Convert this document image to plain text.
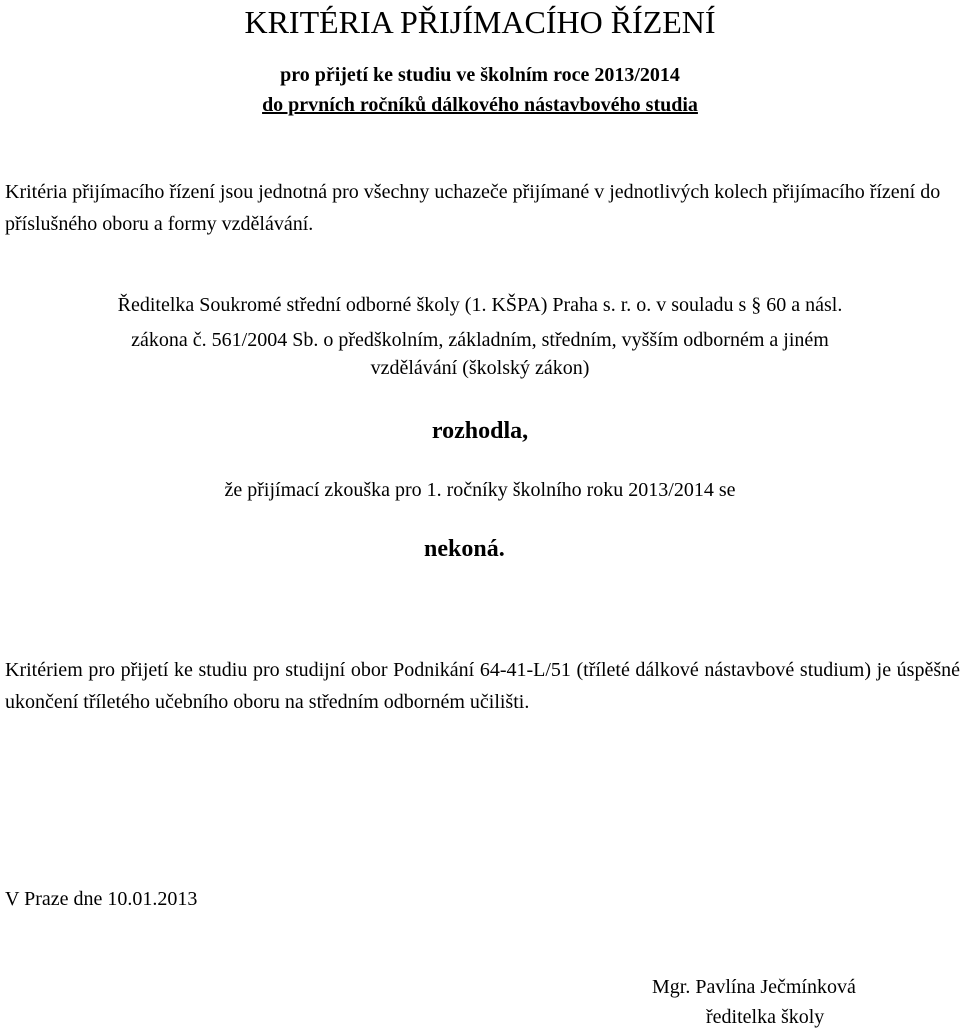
KRITÉRIA PŘIJÍMACÍHO ŘÍZENÍ
pro přijetí ke studiu ve školním roce 2013/2014
do prvních ročníků dálkového nástavbového studia

Kritéria přijímacího řízení jsou jednotná pro všechny uchazeče přijímané v jednotlivých kolech přijímacího řízení do příslušného oboru a formy vzdělávání.

Ředitelka Soukromé střední odborné školy (1. KŠPA) Praha s. r. o. v souladu s § 60 a násl.
zákona č. 561/2004 Sb. o předškolním, základním, středním, vyšším odborném a jiném
vzdělávání (školský zákon)
rozhodla,
že přijímací zkouška pro 1. ročníky školního roku 2013/2014 se
nekoná.

Kritériem pro přijetí ke studiu pro studijní obor Podnikání 64-41-L/51 (tříleté dálkové nástavbové studium) je úspěšné ukončení tříletého učebního oboru na středním odborném učilišti.

V Praze dne 10.01.2013
Mgr. Pavlína Ječmínková
ředitelka školy
